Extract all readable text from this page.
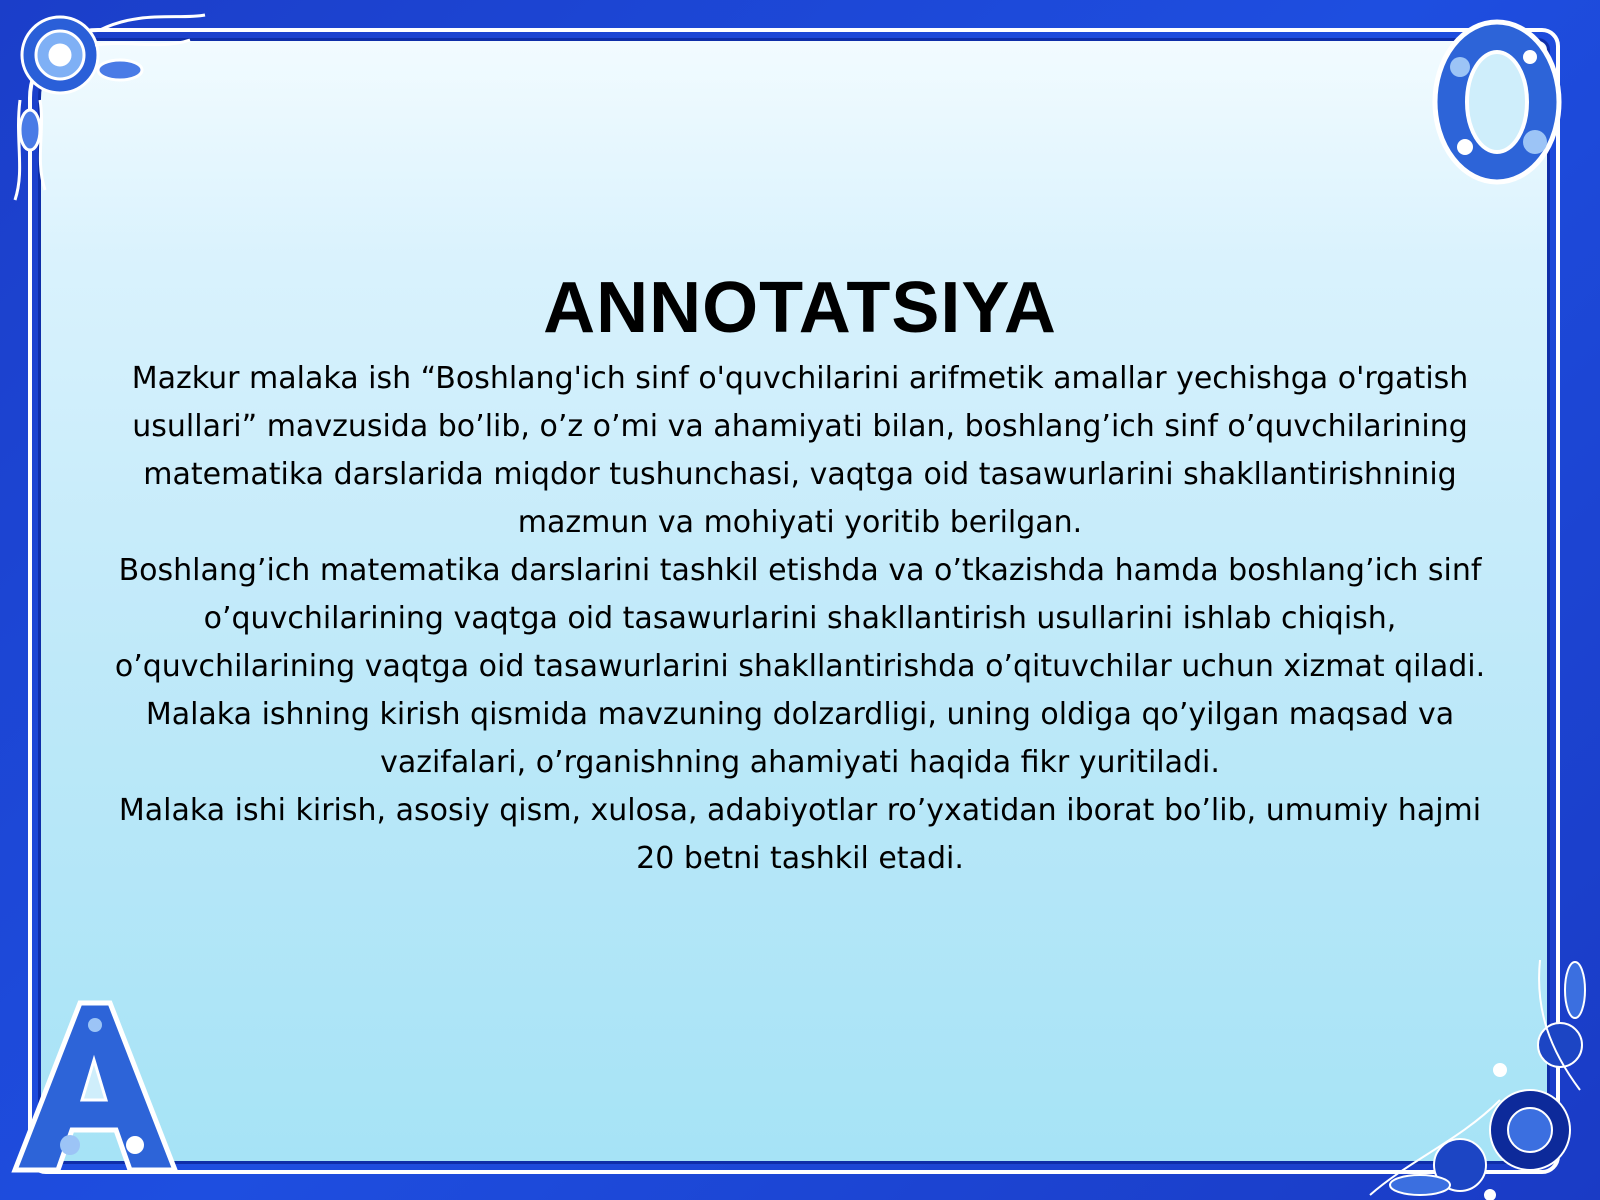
ANNOTATSIYA

Mazkur malaka ish “Boshlang'ich sinf o'quvchilarini arifmetik amallar yechishga o'rgatish usullari” mavzusida bo’lib, o’z o’mi va ahamiyati bilan, boshlang’ich sinf o’quvchilarining matematika darslarida miqdor tushunchasi, vaqtga oid tasawurlarini shakllantirishninig mazmun va mohiyati yoritib berilgan.

Boshlang’ich matematika darslarini tashkil etishda va o’tkazishda hamda boshlang’ich sinf o’quvchilarining vaqtga oid tasawurlarini shakllantirish usullarini ishlab chiqish, o’quvchilarining vaqtga oid tasawurlarini shakllantirishda o’qituvchilar uchun xizmat qiladi.

Malaka ishning kirish qismida mavzuning dolzardligi, uning oldiga qo’yilgan maqsad va vazifalari, o’rganishning ahamiyati haqida fikr yuritiladi.

Malaka ishi kirish, asosiy qism, xulosa, adabiyotlar ro’yxatidan iborat bo’lib, umumiy hajmi 20 betni tashkil etadi.
